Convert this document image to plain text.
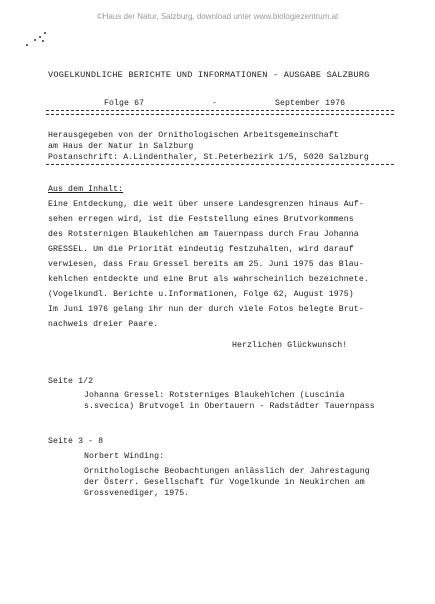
©Haus der Natur, Salzburg, download unter www.biologiezentrum.at
VOGELKUNDLICHE BERICHTE UND INFORMATIONEN - AUSGABE SALZBURG
Folge 67	-	September 1976
Herausgegeben von der Ornithologischen Arbeitsgemeinschaft
am Haus der Natur in Salzburg
Postanschrift: A.Lindenthaler, St.Peterbezirk 1/5, 5020 Salzburg
Aus dem Inhalt:
Eine Entdeckung, die weit über unsere Landesgrenzen hinaus Auf-
sehen erregen wird, ist die Feststellung eines Brutvorkommens
des Rotsternigen Blaukehlchen am Tauernpass durch Frau Johanna
GRESSEL. Um die Priorität eindeutig festzuhalten, wird darauf
verwiesen, dass Frau Gressel bereits am 25. Juni 1975 das Blau-
kehlchen entdeckte und eine Brut als wahrscheinlich bezeichnete.
(Vogelkundl. Berichte u.Informationen, Folge 62, August 1975)
Im Juni 1976 gelang ihr nun der durch viele Fotos belegte Brut-
nachweis dreier Paare.
Herzlichen Glückwunsch!
Seite 1/2
Johanna Gressel: Rotsterniges Blaukehlchen (Luscinia
s.svecica) Brutvogel in Obertauern - Radstädter Tauernpass
Seite 3 - 8
Norbert Winding:
Ornithologische Beobachtungen anlässlich der Jahrestagung
der Österr. Gesellschaft für Vogelkunde in Neukirchen am
Grossvenediger, 1975.
